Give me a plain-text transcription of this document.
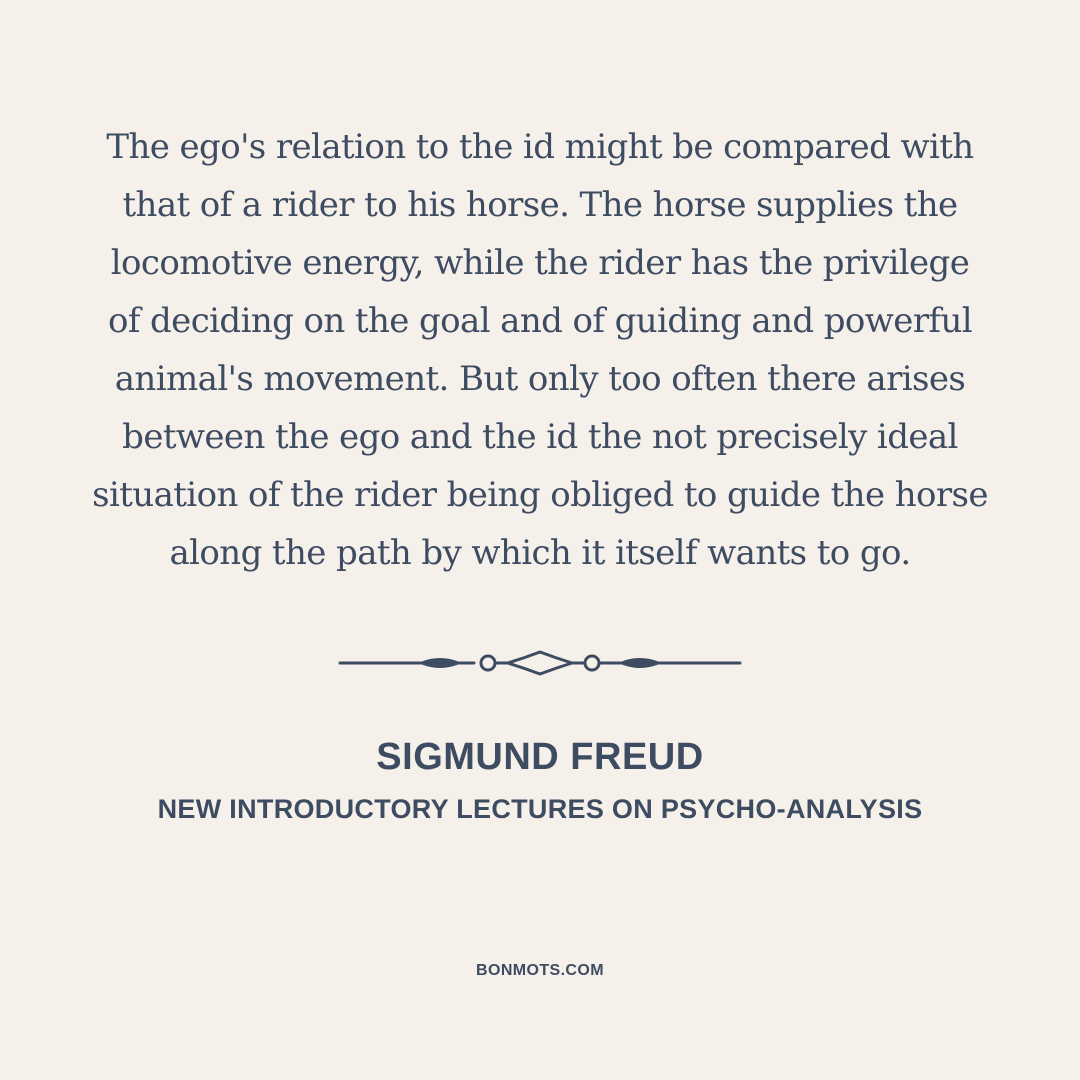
The ego's relation to the id might be compared with
that of a rider to his horse. The horse supplies the
locomotive energy, while the rider has the privilege
of deciding on the goal and of guiding and powerful
animal's movement. But only too often there arises
between the ego and the id the not precisely ideal
situation of the rider being obliged to guide the horse
along the path by which it itself wants to go.
SIGMUND FREUD
NEW INTRODUCTORY LECTURES ON PSYCHO-ANALYSIS
BONMOTS.COM
